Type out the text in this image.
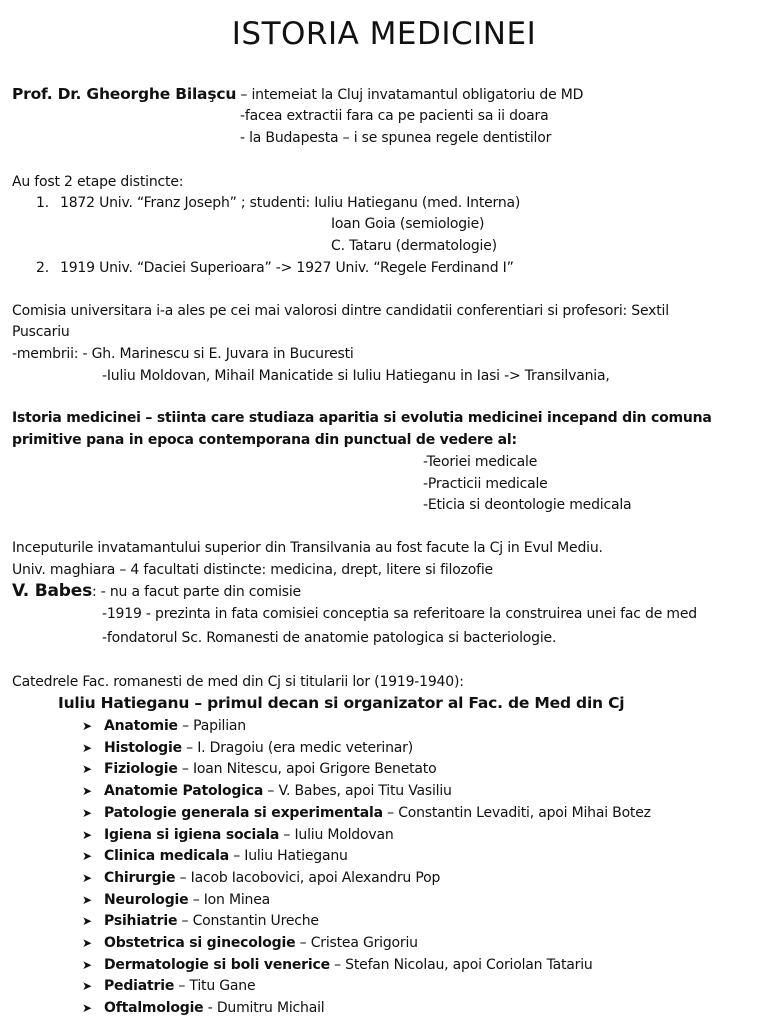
ISTORIA MEDICINEI
Prof. Dr. Gheorghe Bilaşcu – intemeiat la Cluj invatamantul obligatoriu de MD
-facea extractii fara ca pe pacienti sa ii doara
- la Budapesta – i se spunea regele dentistilor
Au fost 2 etape distincte:
1. 1872 Univ. “Franz Joseph” ; studenti: Iuliu Hatieganu (med. Interna)
Ioan Goia (semiologie)
C. Tataru (dermatologie)
2. 1919 Univ. “Daciei Superioara” -> 1927 Univ. “Regele Ferdinand I”
Comisia universitara i-a ales pe cei mai valorosi dintre candidatii conferentiari si profesori: Sextil
Puscariu
-membrii: - Gh. Marinescu si E. Juvara in Bucuresti
-Iuliu Moldovan, Mihail Manicatide si Iuliu Hatieganu in Iasi -> Transilvania,
Istoria medicinei – stiinta care studiaza aparitia si evolutia medicinei incepand din comuna
primitive pana in epoca contemporana din punctual de vedere al:
-Teoriei medicale
-Practicii medicale
-Eticia si deontologie medicala
Inceputurile invatamantului superior din Transilvania au fost facute la Cj in Evul Mediu.
Univ. maghiara – 4 facultati distincte: medicina, drept, litere si filozofie
V. Babes: - nu a facut parte din comisie
-1919 - prezinta in fata comisiei conceptia sa referitoare la construirea unei fac de med
-fondatorul Sc. Romanesti de anatomie patologica si bacteriologie.
Catedrele Fac. romanesti de med din Cj si titularii lor (1919-1940):
Iuliu Hatieganu – primul decan si organizator al Fac. de Med din Cj
➤ Anatomie – Papilian
➤ Histologie – I. Dragoiu (era medic veterinar)
➤ Fiziologie – Ioan Nitescu, apoi Grigore Benetato
➤ Anatomie Patologica – V. Babes, apoi Titu Vasiliu
➤ Patologie generala si experimentala – Constantin Levaditi, apoi Mihai Botez
➤ Igiena si igiena sociala – Iuliu Moldovan
➤ Clinica medicala – Iuliu Hatieganu
➤ Chirurgie – Iacob Iacobovici, apoi Alexandru Pop
➤ Neurologie – Ion Minea
➤ Psihiatrie – Constantin Ureche
➤ Obstetrica si ginecologie – Cristea Grigoriu
➤ Dermatologie si boli venerice – Stefan Nicolau, apoi Coriolan Tatariu
➤ Pediatrie – Titu Gane
➤ Oftalmologie - Dumitru Michail
